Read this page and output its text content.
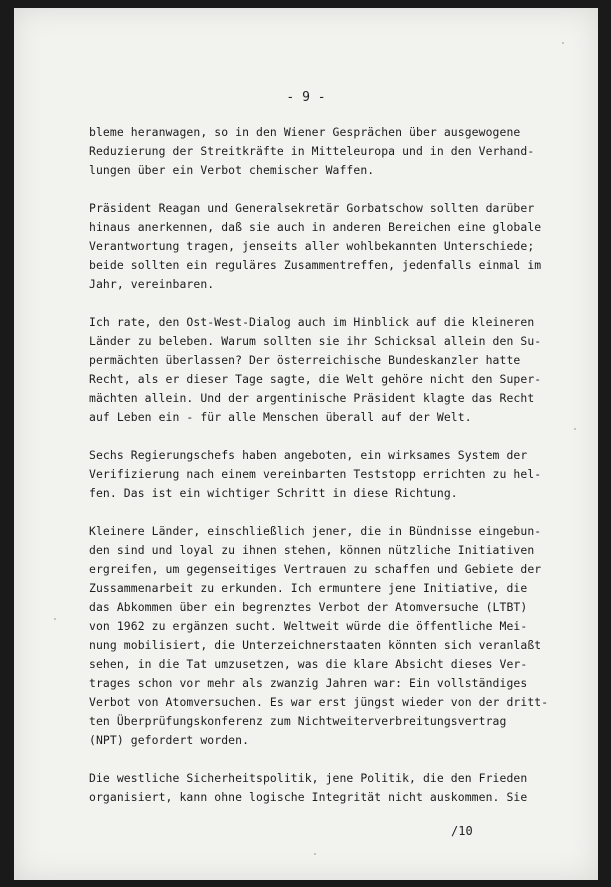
- 9 -
bleme heranwagen, so in den Wiener Gesprächen über ausgewogene
Reduzierung der Streitkräfte in Mitteleuropa und in den Verhand-
lungen über ein Verbot chemischer Waffen.
Präsident Reagan und Generalsekretär Gorbatschow sollten darüber
hinaus anerkennen, daß sie auch in anderen Bereichen eine globale
Verantwortung tragen, jenseits aller wohlbekannten Unterschiede;
beide sollten ein reguläres Zusammentreffen, jedenfalls einmal im
Jahr, vereinbaren.
Ich rate, den Ost-West-Dialog auch im Hinblick auf die kleineren
Länder zu beleben. Warum sollten sie ihr Schicksal allein den Su-
permächten überlassen? Der österreichische Bundeskanzler hatte
Recht, als er dieser Tage sagte, die Welt gehöre nicht den Super-
mächten allein. Und der argentinische Präsident klagte das Recht
auf Leben ein - für alle Menschen überall auf der Welt.
Sechs Regierungschefs haben angeboten, ein wirksames System der
Verifizierung nach einem vereinbarten Teststopp errichten zu hel-
fen. Das ist ein wichtiger Schritt in diese Richtung.
Kleinere Länder, einschließlich jener, die in Bündnisse eingebun-
den sind und loyal zu ihnen stehen, können nützliche Initiativen
ergreifen, um gegenseitiges Vertrauen zu schaffen und Gebiete der
Zussammenarbeit zu erkunden. Ich ermuntere jene Initiative, die
das Abkommen über ein begrenztes Verbot der Atomversuche (LTBT)
von 1962 zu ergänzen sucht. Weltweit würde die öffentliche Mei-
nung mobilisiert, die Unterzeichnerstaaten könnten sich veranlaßt
sehen, in die Tat umzusetzen, was die klare Absicht dieses Ver-
trages schon vor mehr als zwanzig Jahren war: Ein vollständiges
Verbot von Atomversuchen. Es war erst jüngst wieder von der dritt-
ten Überprüfungskonferenz zum Nichtweiterverbreitungsvertrag
(NPT) gefordert worden.
Die westliche Sicherheitspolitik, jene Politik, die den Frieden
organisiert, kann ohne logische Integrität nicht auskommen. Sie
/10
